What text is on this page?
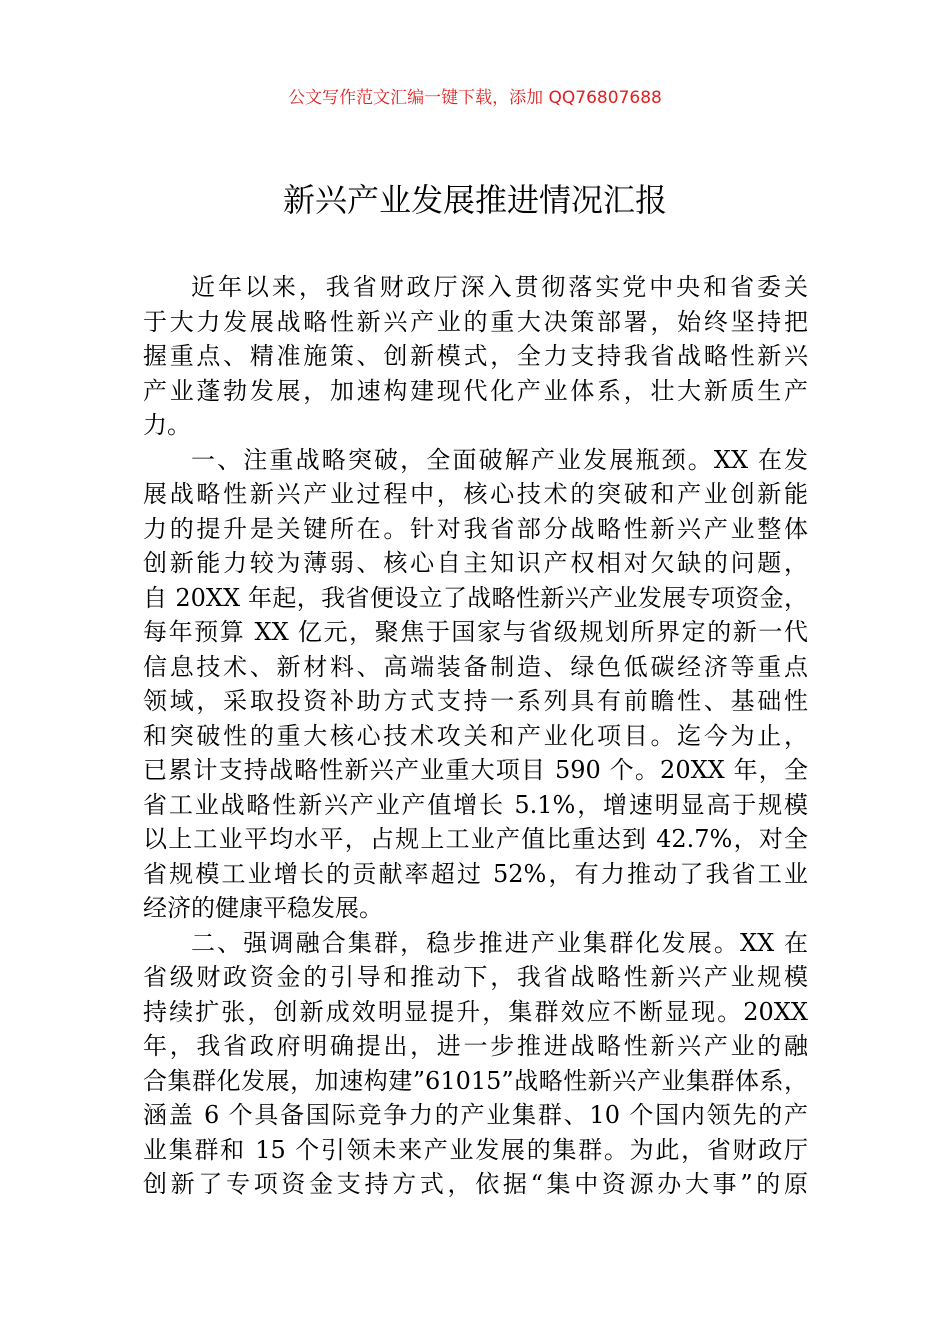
公文写作范文汇编一键下载，添加 QQ76807688
新兴产业发展推进情况汇报
近年以来，我省财政厅深入贯彻落实党中央和省委关
于大力发展战略性新兴产业的重大决策部署，始终坚持把
握重点、精准施策、创新模式，全力支持我省战略性新兴
产业蓬勃发展，加速构建现代化产业体系，壮大新质生产
力。
一、注重战略突破，全面破解产业发展瓶颈。XX 在发
展战略性新兴产业过程中，核心技术的突破和产业创新能
力的提升是关键所在。针对我省部分战略性新兴产业整体
创新能力较为薄弱、核心自主知识产权相对欠缺的问题，
自 20XX 年起，我省便设立了战略性新兴产业发展专项资金，
每年预算 XX 亿元，聚焦于国家与省级规划所界定的新一代
信息技术、新材料、高端装备制造、绿色低碳经济等重点
领域，采取投资补助方式支持一系列具有前瞻性、基础性
和突破性的重大核心技术攻关和产业化项目。迄今为止，
已累计支持战略性新兴产业重大项目 590 个。20XX 年，全
省工业战略性新兴产业产值增长 5.1%，增速明显高于规模
以上工业平均水平，占规上工业产值比重达到 42.7%，对全
省规模工业增长的贡献率超过 52%，有力推动了我省工业
经济的健康平稳发展。
二、强调融合集群，稳步推进产业集群化发展。XX 在
省级财政资金的引导和推动下，我省战略性新兴产业规模
持续扩张，创新成效明显提升，集群效应不断显现。20XX
年，我省政府明确提出，进一步推进战略性新兴产业的融
合集群化发展，加速构建”61015”战略性新兴产业集群体系，
涵盖 6 个具备国际竞争力的产业集群、10 个国内领先的产
业集群和 15 个引领未来产业发展的集群。为此，省财政厅
创新了专项资金支持方式，依据“集中资源办大事”的原
